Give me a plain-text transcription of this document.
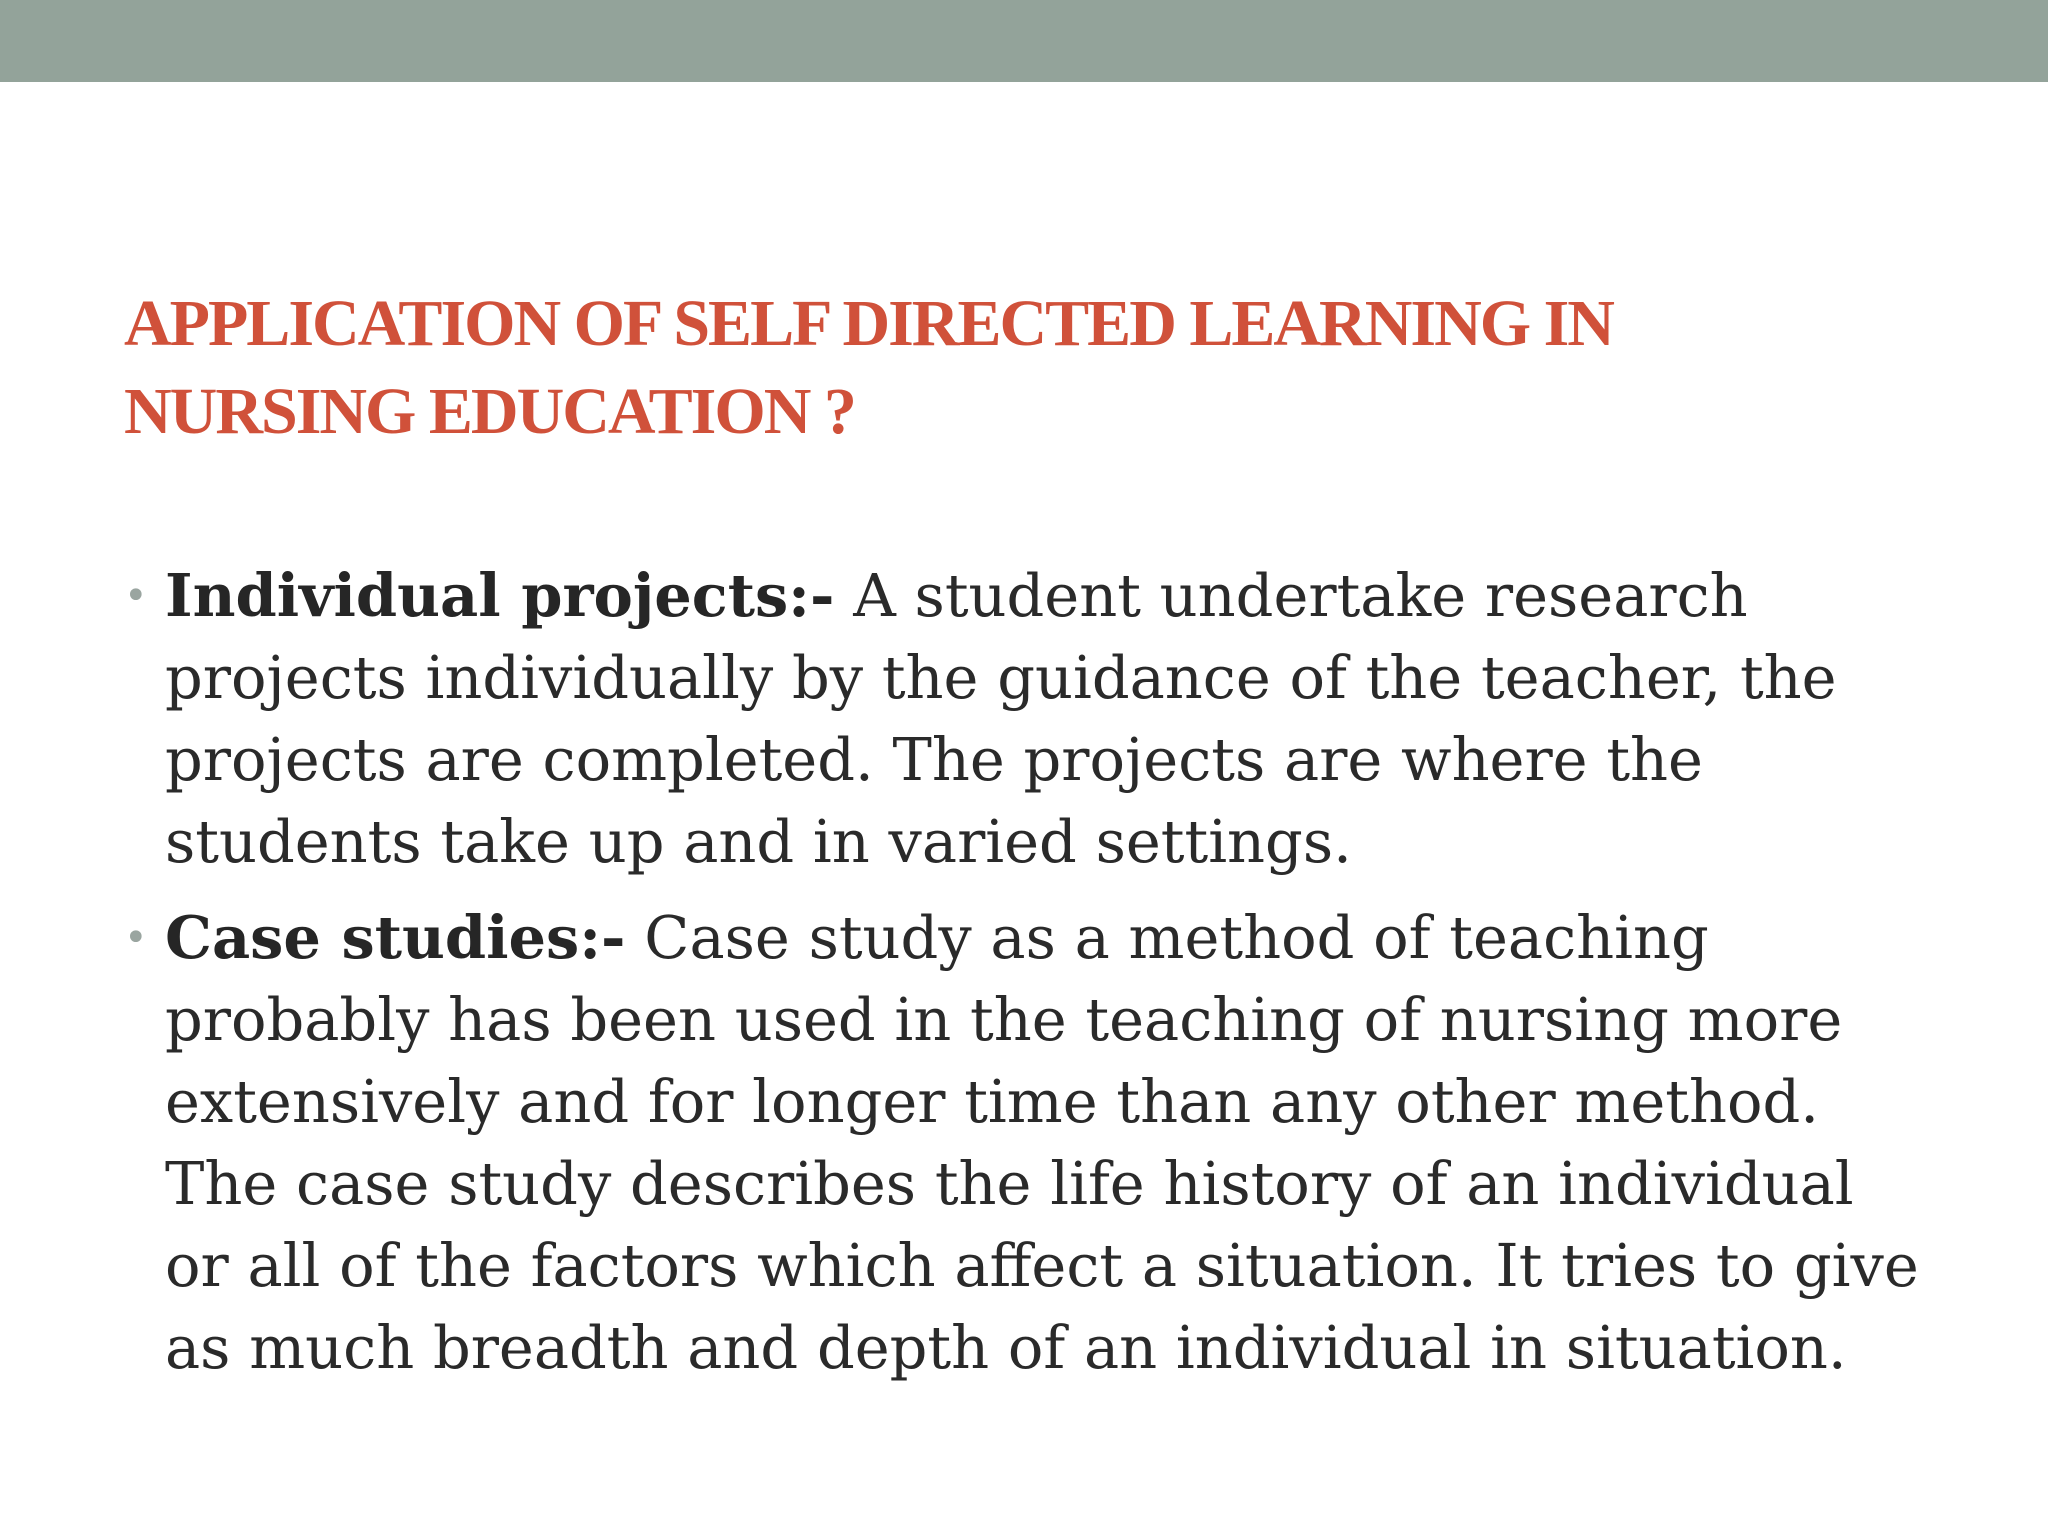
APPLICATION OF SELF DIRECTED LEARNING IN NURSING EDUCATION ?
• Individual projects:- A student undertake research projects individually by the guidance of the teacher, the projects are completed. The projects are where the students take up and in varied settings.
• Case studies:- Case study as a method of teaching probably has been used in the teaching of nursing more extensively and for longer time than any other method. The case study describes the life history of an individual or all of the factors which affect a situation. It tries to give as much breadth and depth of an individual in situation.
